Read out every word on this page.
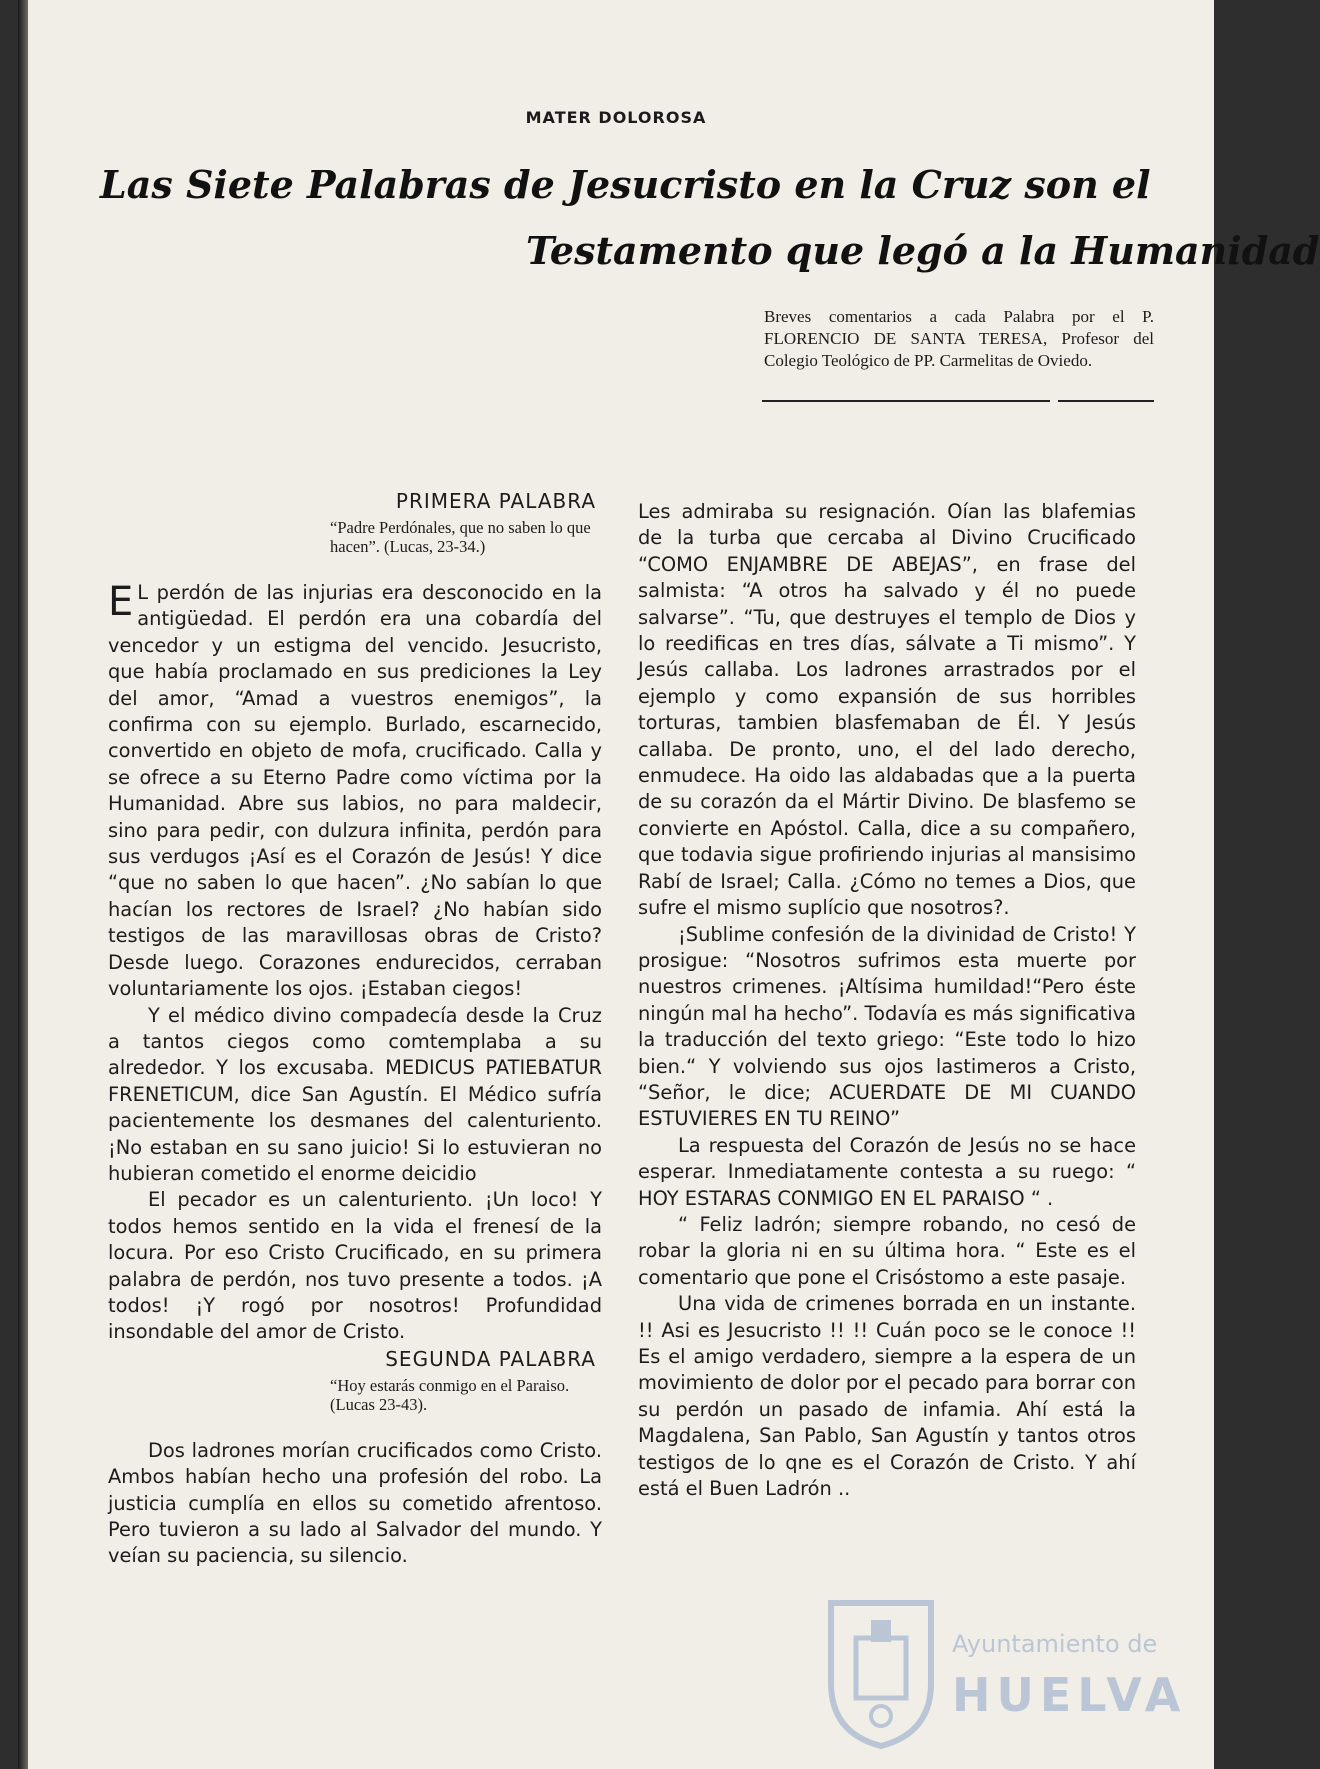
MATER DOLOROSA
Las Siete Palabras de Jesucristo en la Cruz son el
Testamento que legó a la Humanidad
Breves comentarios a cada Palabra por el P. FLORENCIO DE SANTA TERESA, Profesor del Colegio Teológico de PP. Carmelitas de Oviedo.
PRIMERA PALABRA
“Padre Perdónales, que no saben lo que hacen”. (Lucas, 23-34.)

E L perdón de las injurias era desconocido en la antigüedad. El perdón era una cobardía del vencedor y un estigma del vencido. Jesucristo, que había proclamado en sus prediciones la Ley del amor, “Amad a vuestros enemigos”, la confirma con su ejemplo. Burlado, escarnecido, convertido en objeto de mofa, crucificado. Calla y se ofrece a su Eterno Padre como víctima por la Humanidad. Abre sus labios, no para maldecir, sino para pedir, con dulzura infinita, perdón para sus verdugos ¡Así es el Corazón de Jesús! Y dice “que no saben lo que hacen”. ¿No sabían lo que hacían los rectores de Israel? ¿No habían sido testigos de las maravillosas obras de Cristo? Desde luego. Corazones endurecidos, cerraban voluntariamente los ojos. ¡Estaban ciegos!

Y el médico divino compadecía desde la Cruz a tantos ciegos como comtemplaba a su alrededor. Y los excusaba. MEDICUS PATIEBATUR FRENETICUM, dice San Agustín. El Médico sufría pacientemente los desmanes del calenturiento. ¡No estaban en su sano juicio! Si lo estuvieran no hubieran cometido el enorme deicidio

El pecador es un calenturiento. ¡Un loco! Y todos hemos sentido en la vida el frenesí de la locura. Por eso Cristo Crucificado, en su primera palabra de perdón, nos tuvo presente a todos. ¡A todos! ¡Y rogó por nosotros! Profundidad insondable del amor de Cristo.

SEGUNDA PALABRA
“Hoy estarás conmigo en el Paraiso. (Lucas 23-43).

Dos ladrones morían crucificados como Cristo. Ambos habían hecho una profesión del robo. La justicia cumplía en ellos su cometido afrentoso. Pero tuvieron a su lado al Salvador del mundo. Y veían su paciencia, su silencio.

Les admiraba su resignación. Oían las blafemias de la turba que cercaba al Divino Crucificado “COMO ENJAMBRE DE ABEJAS”, en frase del salmista: “A otros ha salvado y él no puede salvarse”. “Tu, que destruyes el templo de Dios y lo reedificas en tres días, sálvate a Ti mismo”. Y Jesús callaba. Los ladrones arrastrados por el ejemplo y como expansión de sus horribles torturas, tambien blasfemaban de Él. Y Jesús callaba. De pronto, uno, el del lado derecho, enmudece. Ha oido las aldabadas que a la puerta de su corazón da el Mártir Divino. De blasfemo se convierte en Apóstol. Calla, dice a su compañero, que todavia sigue profiriendo injurias al mansisimo Rabí de Israel; Calla. ¿Cómo no temes a Dios, que sufre el mismo suplício que nosotros?.

¡Sublime confesión de la divinidad de Cristo! Y prosigue: “Nosotros sufrimos esta muerte por nuestros crimenes. ¡Altísima humildad!“Pero éste ningún mal ha hecho”. Todavía es más significativa la traducción del texto griego: “Este todo lo hizo bien.“ Y volviendo sus ojos lastimeros a Cristo, “Señor, le dice; ACUERDATE DE MI CUANDO ESTUVIERES EN TU REINO”

La respuesta del Corazón de Jesús no se hace esperar. Inmediatamente contesta a su ruego: “ HOY ESTARAS CONMIGO EN EL PARAISO “ .

“ Feliz ladrón; siempre robando, no cesó de robar la gloria ni en su última hora. “ Este es el comentario que pone el Crisóstomo a este pasaje.

Una vida de crimenes borrada en un instante. !! Asi es Jesucristo !! !! Cuán poco se le conoce !! Es el amigo verdadero, siempre a la espera de un movimiento de dolor por el pecado para borrar con su perdón un pasado de infamia. Ahí está la Magdalena, San Pablo, San Agustín y tantos otros testigos de lo qne es el Corazón de Cristo. Y ahí está el Buen Ladrón ..

Ayuntamiento de
HUELVA
